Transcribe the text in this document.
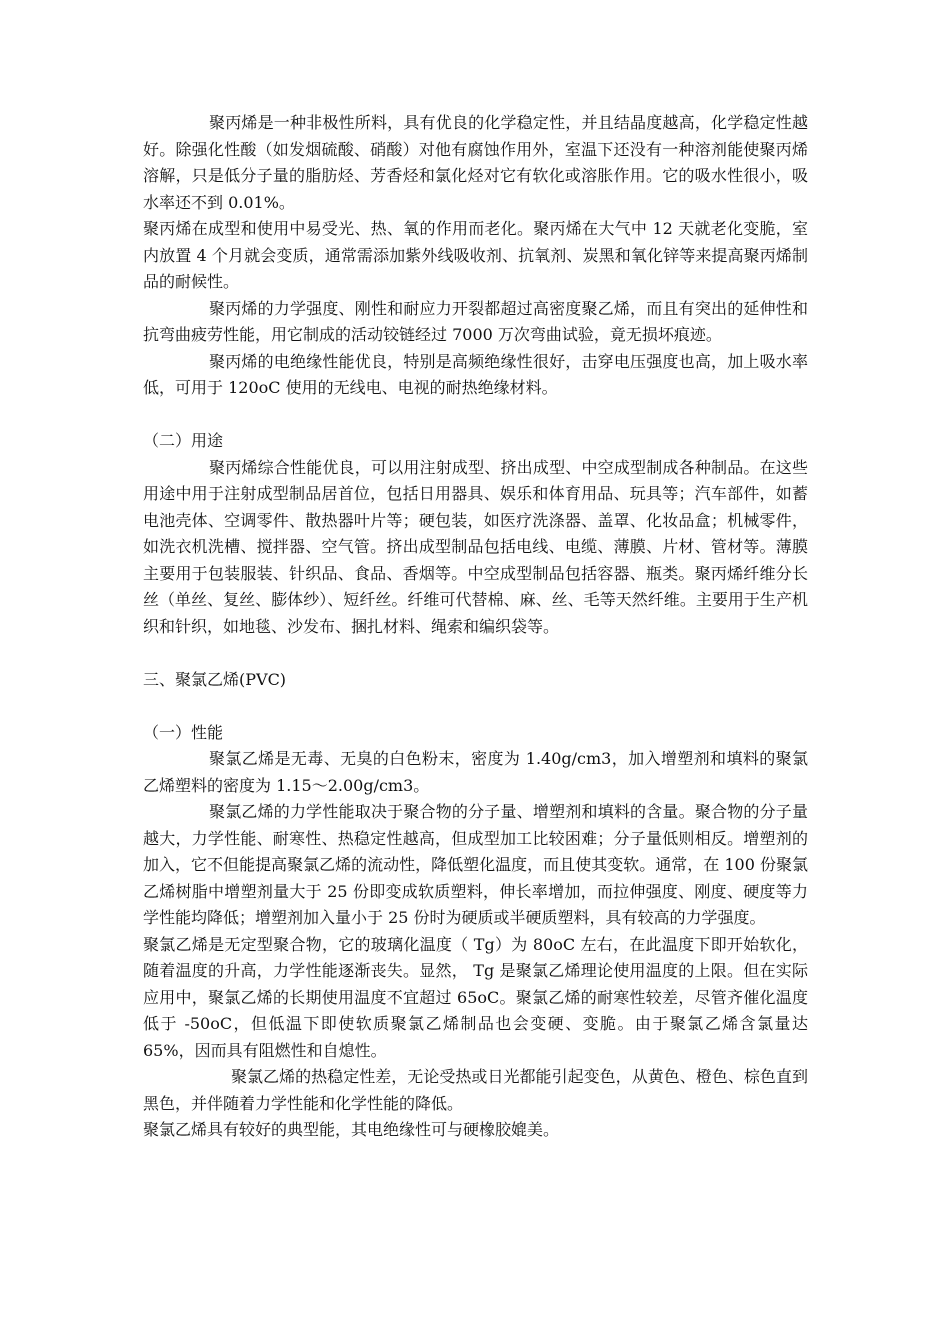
聚丙烯是一种非极性所料，具有优良的化学稳定性，并且结晶度越高，化学稳定性越好。除强化性酸（如发烟硫酸、硝酸）对他有腐蚀作用外，室温下还没有一种溶剂能使聚丙烯溶解，只是低分子量的脂肪烃、芳香烃和氯化烃对它有软化或溶胀作用。它的吸水性很小，吸水率还不到 0.01%。

聚丙烯在成型和使用中易受光、热、氧的作用而老化。聚丙烯在大气中 12 天就老化变脆，室内放置 4 个月就会变质，通常需添加紫外线吸收剂、抗氧剂、炭黑和氧化锌等来提高聚丙烯制品的耐候性。

聚丙烯的力学强度、刚性和耐应力开裂都超过高密度聚乙烯，而且有突出的延伸性和抗弯曲疲劳性能，用它制成的活动铰链经过 7000 万次弯曲试验，竟无损坏痕迹。

聚丙烯的电绝缘性能优良，特别是高频绝缘性很好，击穿电压强度也高，加上吸水率低，可用于 120oC 使用的无线电、电视的耐热绝缘材料。

（二）用途

聚丙烯综合性能优良，可以用注射成型、挤出成型、中空成型制成各种制品。在这些用途中用于注射成型制品居首位，包括日用器具、娱乐和体育用品、玩具等；汽车部件，如蓄电池壳体、空调零件、散热器叶片等；硬包装，如医疗洗涤器、盖罩、化妆品盒；机械零件，如洗衣机洗槽、搅拌器、空气管。挤出成型制品包括电线、电缆、薄膜、片材、管材等。薄膜主要用于包装服装、针织品、食品、香烟等。中空成型制品包括容器、瓶类。聚丙烯纤维分长丝（单丝、复丝、膨体纱）、短纤丝。纤维可代替棉、麻、丝、毛等天然纤维。主要用于生产机织和针织，如地毯、沙发布、捆扎材料、绳索和编织袋等。

三、聚氯乙烯(PVC)

（一）性能

聚氯乙烯是无毒、无臭的白色粉末，密度为 1.40g/cm3，加入增塑剂和填料的聚氯乙烯塑料的密度为 1.15～2.00g/cm3。

聚氯乙烯的力学性能取决于聚合物的分子量、增塑剂和填料的含量。聚合物的分子量越大，力学性能、耐寒性、热稳定性越高，但成型加工比较困难；分子量低则相反。增塑剂的加入，它不但能提高聚氯乙烯的流动性，降低塑化温度，而且使其变软。通常，在 100 份聚氯乙烯树脂中增塑剂量大于 25 份即变成软质塑料，伸长率增加，而拉伸强度、刚度、硬度等力学性能均降低；增塑剂加入量小于 25 份时为硬质或半硬质塑料，具有较高的力学强度。

聚氯乙烯是无定型聚合物，它的玻璃化温度（ Tg）为 80oC 左右，在此温度下即开始软化，随着温度的升高，力学性能逐渐丧失。显然， Tg 是聚氯乙烯理论使用温度的上限。但在实际应用中，聚氯乙烯的长期使用温度不宜超过 65oC。聚氯乙烯的耐寒性较差，尽管齐催化温度低于 -50oC，但低温下即使软质聚氯乙烯制品也会变硬、变脆。由于聚氯乙烯含氯量达 65%，因而具有阻燃性和自熄性。

聚氯乙烯的热稳定性差，无论受热或日光都能引起变色，从黄色、橙色、棕色直到黑色，并伴随着力学性能和化学性能的降低。

聚氯乙烯具有较好的典型能，其电绝缘性可与硬橡胶媲美。
